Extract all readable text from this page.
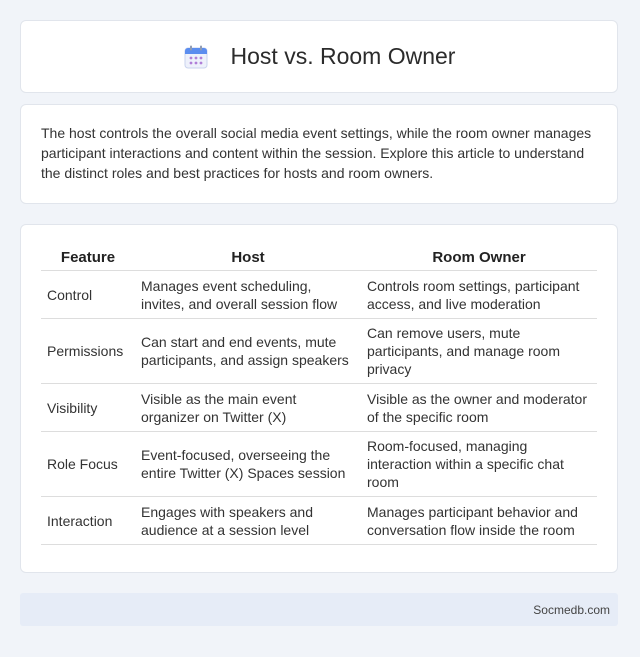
Host vs. Room Owner

The host controls the overall social media event settings, while the room owner manages participant interactions and content within the session. Explore this article to understand the distinct roles and best practices for hosts and room owners.

Feature	Host	Room Owner
Control	Manages event scheduling, invites, and overall session flow	Controls room settings, participant access, and live moderation
Permissions	Can start and end events, mute participants, and assign speakers	Can remove users, mute participants, and manage room privacy
Visibility	Visible as the main event organizer on Twitter (X)	Visible as the owner and moderator of the specific room
Role Focus	Event-focused, overseeing the entire Twitter (X) Spaces session	Room-focused, managing interaction within a specific chat room
Interaction	Engages with speakers and audience at a session level	Manages participant behavior and conversation flow inside the room
Socmedb.com
